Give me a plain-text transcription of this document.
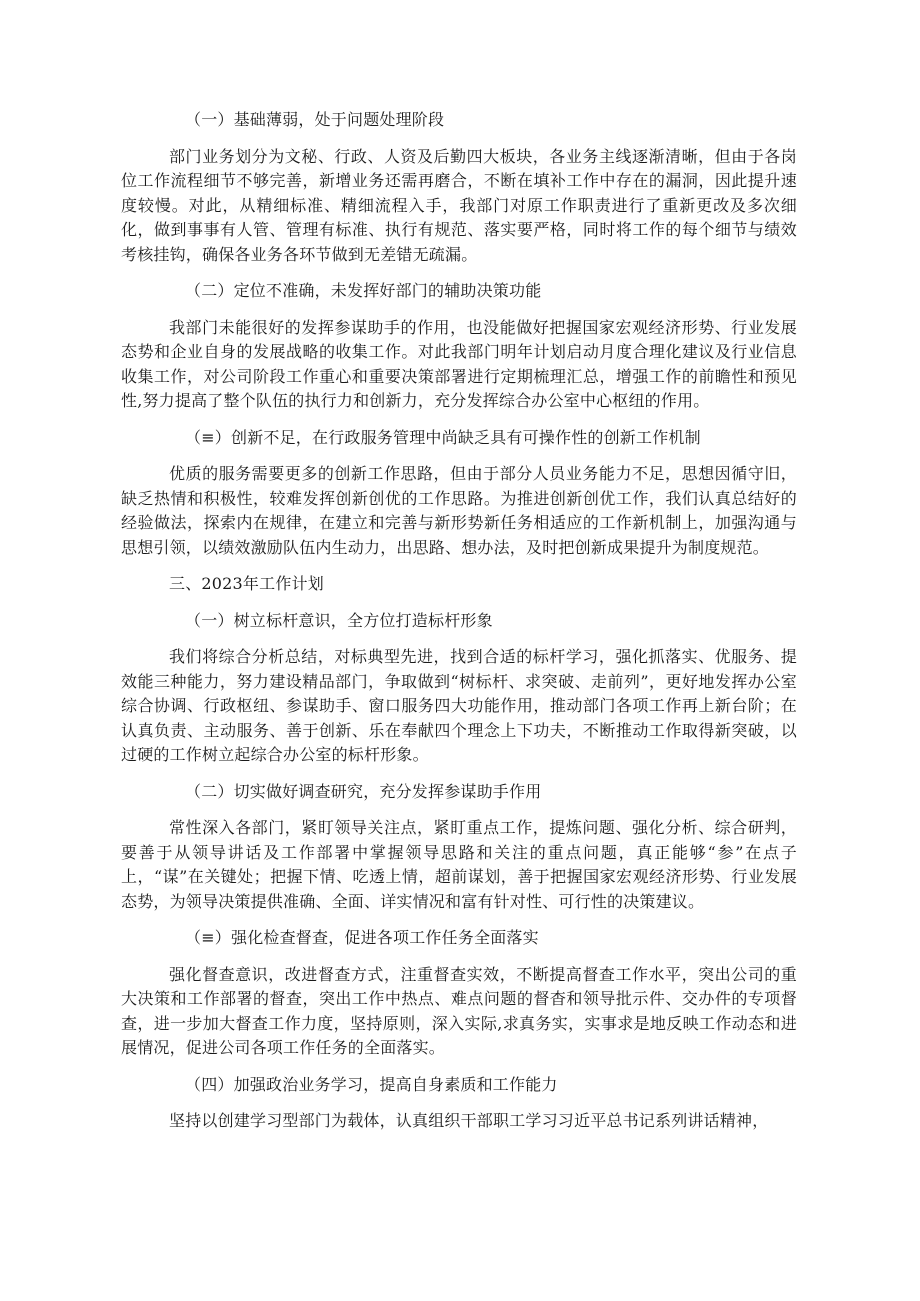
（一）基础薄弱，处于问题处理阶段

部门业务划分为文秘、行政、人资及后勤四大板块，各业务主线逐渐清晰，但由于各岗位工作流程细节不够完善，新增业务还需再磨合，不断在填补工作中存在的漏洞，因此提升速度较慢。对此，从精细标准、精细流程入手，我部门对原工作职责进行了重新更改及多次细化，做到事事有人管、管理有标准、执行有规范、落实要严格，同时将工作的每个细节与绩效考核挂钩，确保各业务各环节做到无差错无疏漏。

（二）定位不准确，未发挥好部门的辅助决策功能

我部门未能很好的发挥参谋助手的作用，也没能做好把握国家宏观经济形势、行业发展态势和企业自身的发展战略的收集工作。对此我部门明年计划启动月度合理化建议及行业信息收集工作，对公司阶段工作重心和重要决策部署进行定期梳理汇总，增强工作的前瞻性和预见性,努力提高了整个队伍的执行力和创新力，充分发挥综合办公室中心枢纽的作用。

（≡）创新不足，在行政服务管理中尚缺乏具有可操作性的创新工作机制

优质的服务需要更多的创新工作思路，但由于部分人员业务能力不足，思想因循守旧，缺乏热情和积极性，较难发挥创新创优的工作思路。为推进创新创优工作，我们认真总结好的经验做法，探索内在规律，在建立和完善与新形势新任务相适应的工作新机制上，加强沟通与思想引领，以绩效激励队伍内生动力，出思路、想办法，及时把创新成果提升为制度规范。

三、2023年工作计划

（一）树立标杆意识，全方位打造标杆形象

我们将综合分析总结，对标典型先进，找到合适的标杆学习，强化抓落实、优服务、提效能三种能力，努力建设精品部门，争取做到“树标杆、求突破、走前列”，更好地发挥办公室综合协调、行政枢纽、参谋助手、窗口服务四大功能作用，推动部门各项工作再上新台阶；在认真负责、主动服务、善于创新、乐在奉献四个理念上下功夫，不断推动工作取得新突破，以过硬的工作树立起综合办公室的标杆形象。

（二）切实做好调查研究，充分发挥参谋助手作用

常性深入各部门，紧盯领导关注点，紧盯重点工作，提炼问题、强化分析、综合研判，要善于从领导讲话及工作部署中掌握领导思路和关注的重点问题，真正能够“参”在点子上，“谋”在关键处；把握下情、吃透上情，超前谋划，善于把握国家宏观经济形势、行业发展态势，为领导决策提供准确、全面、详实情况和富有针对性、可行性的决策建议。

（≡）强化检查督查，促进各项工作任务全面落实

强化督查意识，改进督查方式，注重督查实效，不断提高督查工作水平，突出公司的重大决策和工作部署的督查，突出工作中热点、难点问题的督杳和领导批示件、交办件的专项督查，进一步加大督查工作力度，坚持原则，深入实际,求真务实，实事求是地反映工作动态和进展情况，促进公司各项工作任务的全面落实。

（四）加强政治业务学习，提高自身素质和工作能力

坚持以创建学习型部门为载体，认真组织干部职工学习习近平总书记系列讲话精神，
